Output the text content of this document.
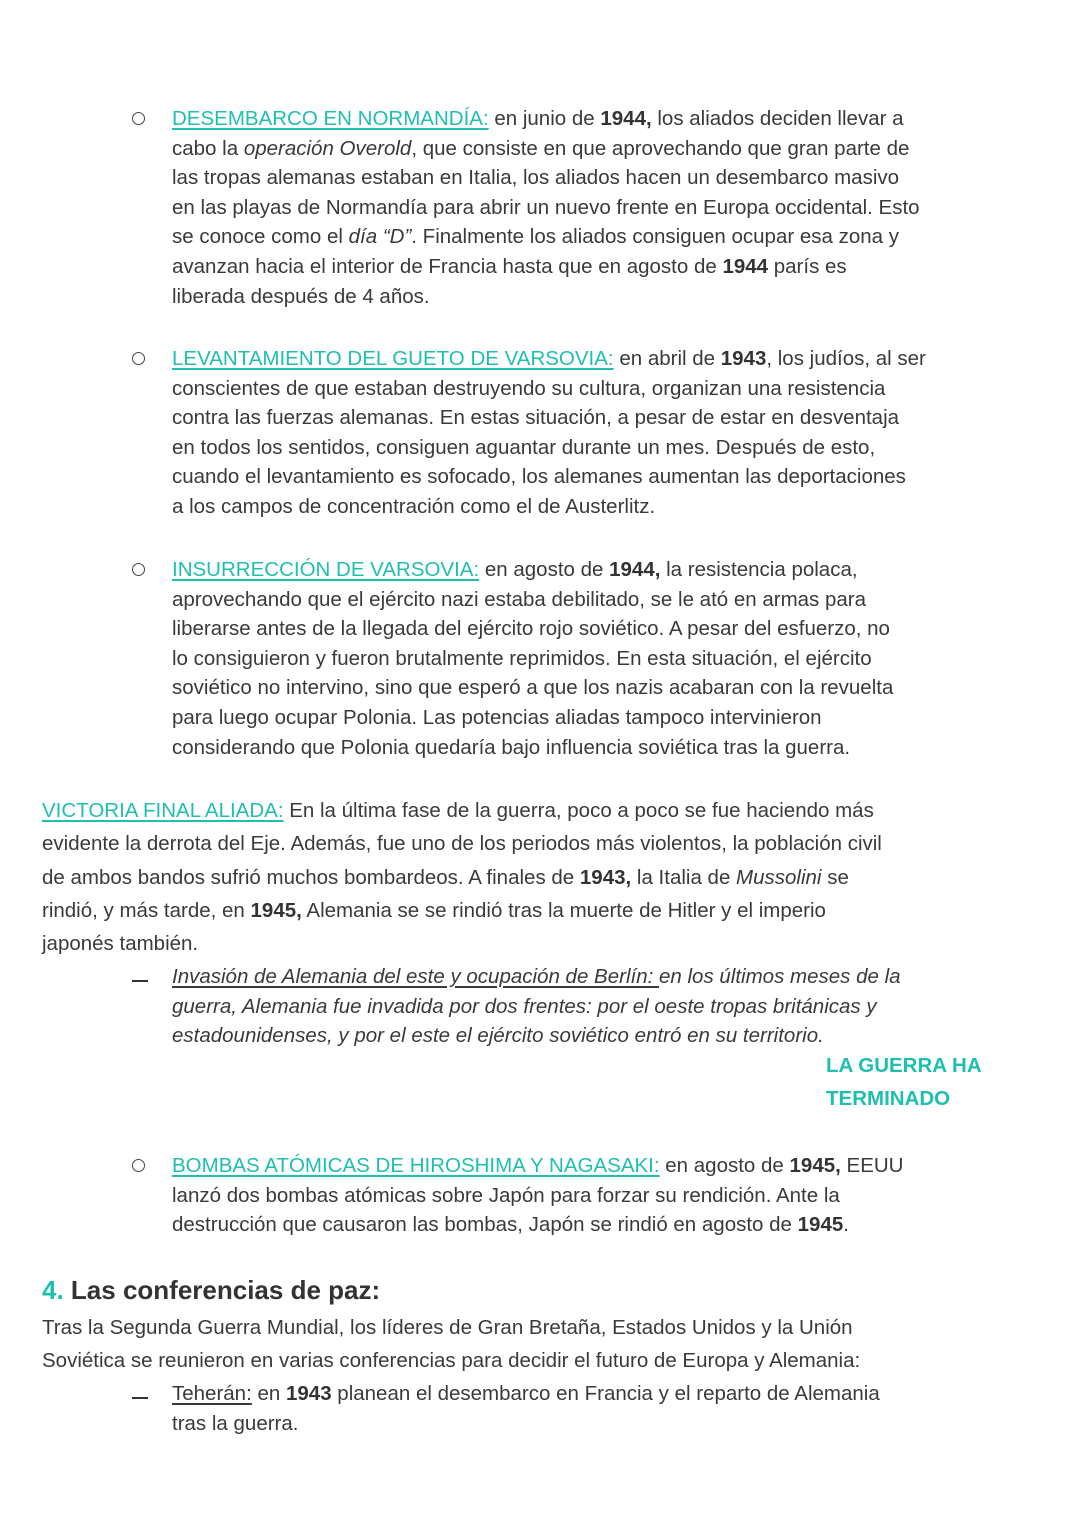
4. Las conferencias de paz:
DESEMBARCO EN NORMANDÍA: en junio de 1944, los aliados deciden llevar a
cabo la operación Overold, que consiste en que aprovechando que gran parte de
las tropas alemanas estaban en Italia, los aliados hacen un desembarco masivo
en las playas de Normandía para abrir un nuevo frente en Europa occidental. Esto
se conoce como el día “D”. Finalmente los aliados consiguen ocupar esa zona y
avanzan hacia el interior de Francia hasta que en agosto de 1944 parís es
liberada después de 4 años.
LEVANTAMIENTO DEL GUETO DE VARSOVIA: en abril de 1943, los judíos, al ser
conscientes de que estaban destruyendo su cultura, organizan una resistencia
contra las fuerzas alemanas. En estas situación, a pesar de estar en desventaja
en todos los sentidos, consiguen aguantar durante un mes. Después de esto,
cuando el levantamiento es sofocado, los alemanes aumentan las deportaciones
a los campos de concentración como el de Austerlitz.
INSURRECCIÓN DE VARSOVIA: en agosto de 1944, la resistencia polaca,
aprovechando que el ejército nazi estaba debilitado, se le ató en armas para
liberarse antes de la llegada del ejército rojo soviético. A pesar del esfuerzo, no
lo consiguieron y fueron brutalmente reprimidos. En esta situación, el ejército
soviético no intervino, sino que esperó a que los nazis acabaran con la revuelta
para luego ocupar Polonia. Las potencias aliadas tampoco intervinieron
considerando que Polonia quedaría bajo influencia soviética tras la guerra.
VICTORIA FINAL ALIADA: En la última fase de la guerra, poco a poco se fue haciendo más
evidente la derrota del Eje. Además, fue uno de los periodos más violentos, la población civil
de ambos bandos sufrió muchos bombardeos. A finales de 1943, la Italia de Mussolini se
rindió, y más tarde, en 1945, Alemania se se rindió tras la muerte de Hitler y el imperio
japonés también.
Invasión de Alemania del este y ocupación de Berlín: en los últimos meses de la
guerra, Alemania fue invadida por dos frentes: por el oeste tropas británicas y
estadounidenses, y por el este el ejército soviético entró en su territorio.
LA GUERRA HA
TERMINADO
BOMBAS ATÓMICAS DE HIROSHIMA Y NAGASAKI: en agosto de 1945, EEUU
lanzó dos bombas atómicas sobre Japón para forzar su rendición. Ante la
destrucción que causaron las bombas, Japón se rindió en agosto de 1945.
Tras la Segunda Guerra Mundial, los líderes de Gran Bretaña, Estados Unidos y la Unión
Soviética se reunieron en varias conferencias para decidir el futuro de Europa y Alemania:
Teherán: en 1943 planean el desembarco en Francia y el reparto de Alemania
tras la guerra.
